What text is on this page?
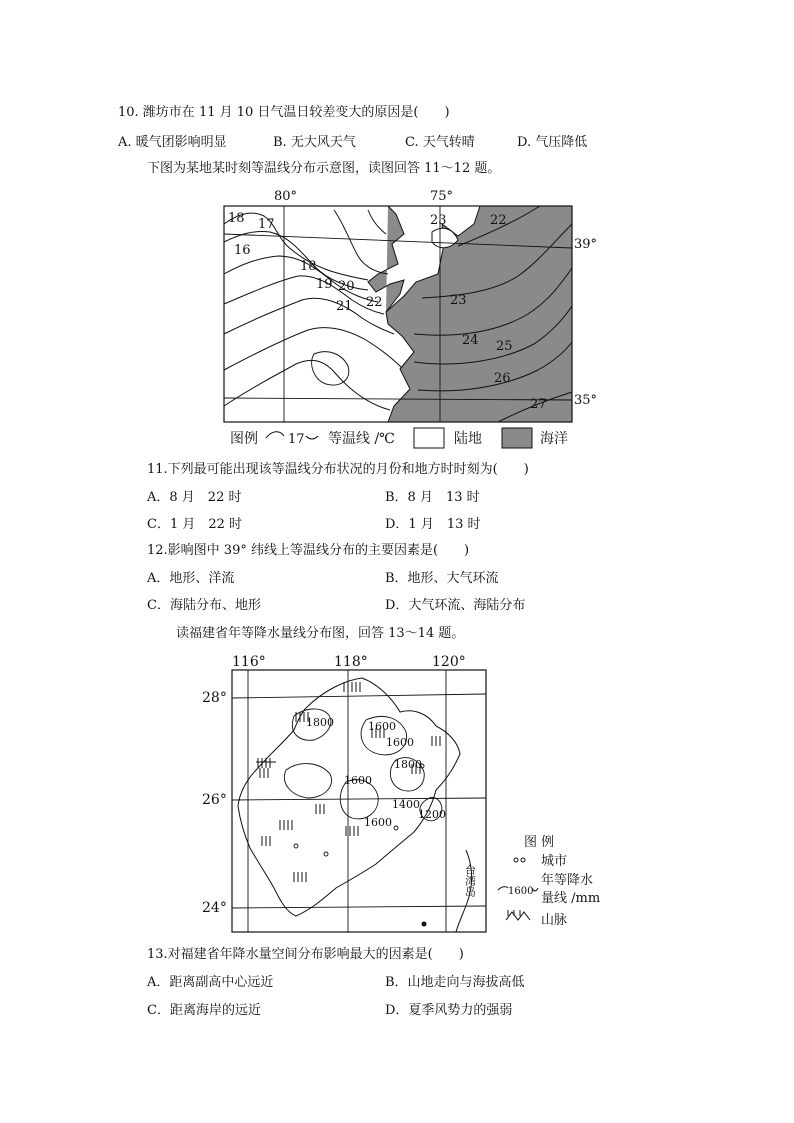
10. 潍坊市在 11 月 10 日气温日较差变大的原因是(　　)
A. 暖气团影响明显	B. 无大风天气	C. 天气转晴	D. 气压降低
下图为某地某时刻等温线分布示意图，读图回答 11～12 题。
80°	75°
39°
35°
18 17
16
18
19 20
21 22
23	22
23
24 25
26
27
图例 17 等温线 /℃	陆地	海洋
11.下列最可能出现该等温线分布状况的月份和地方时时刻为(　　)
A．8 月　22 时	B．8 月　13 时
C．1 月　22 时	D．1 月　13 时
12.影响图中 39° 纬线上等温线分布的主要因素是(　　)
A．地形、洋流	B．地形、大气环流
C．海陆分布、地形	D．大气环流、海陆分布
读福建省年等降水量线分布图，回答 13～14 题。
116°	118°	120°
28°
26°
24°
台湾岛
1800	1600
1600
1800
1600
1400
1600
1200
图 例
城市
1600
年等降水
量线 /mm
山脉
13.对福建省年降水量空间分布影响最大的因素是(　　)
A．距离副高中心远近	B．山地走向与海拔高低
C．距离海岸的远近	D．夏季风势力的强弱
